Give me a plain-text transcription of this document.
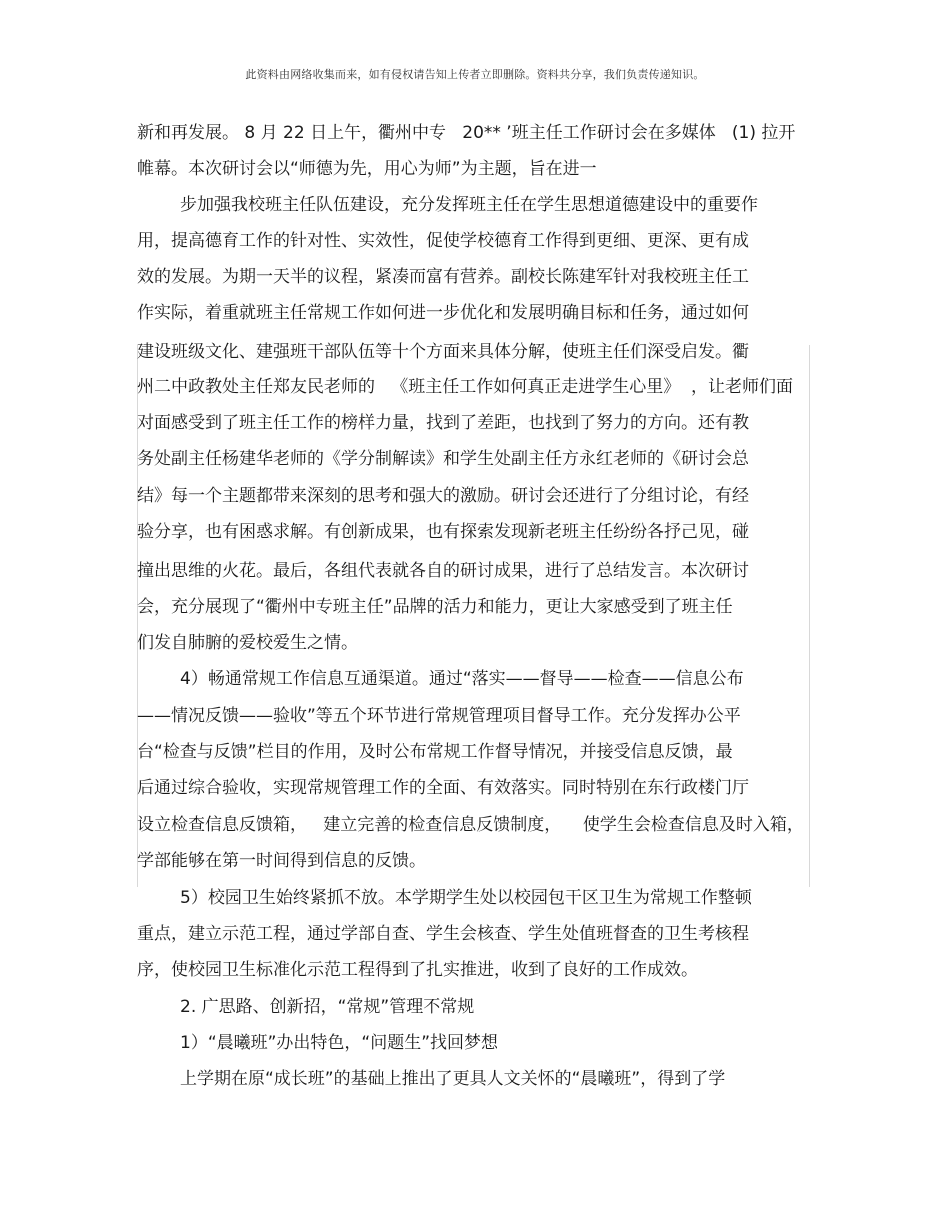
此资料由网络收集而来，如有侵权请告知上传者立即删除。资料共分享，我们负责传递知识。
新和再发展。 8 月 22 日上午，衢州中专   20** ’班主任工作研讨会在多媒体   (1) 拉开
帷幕。本次研讨会以“师德为先，用心为师”为主题，旨在进一
步加强我校班主任队伍建设，充分发挥班主任在学生思想道德建设中的重要作
用，提高德育工作的针对性、实效性，促使学校德育工作得到更细、更深、更有成
效的发展。为期一天半的议程，紧凑而富有营养。副校长陈建军针对我校班主任工
作实际，着重就班主任常规工作如何进一步优化和发展明确目标和任务，通过如何
建设班级文化、建强班干部队伍等十个方面来具体分解，使班主任们深受启发。衢
州二中政教处主任郑友民老师的   《班主任工作如何真正走进学生心里》  ，让老师们面
对面感受到了班主任工作的榜样力量，找到了差距，也找到了努力的方向。还有教
务处副主任杨建华老师的《学分制解读》和学生处副主任方永红老师的《研讨会总
结》每一个主题都带来深刻的思考和强大的激励。研讨会还进行了分组讨论，有经
验分享，也有困惑求解。有创新成果，也有探索发现新老班主任纷纷各抒己见，碰
撞出思维的火花。最后，各组代表就各自的研讨成果，进行了总结发言。本次研讨
会，充分展现了“衢州中专班主任”品牌的活力和能力，更让大家感受到了班主任
们发自肺腑的爱校爱生之情。
4）畅通常规工作信息互通渠道。通过“落实——督导——检查——信息公布
——情况反馈——验收”等五个环节进行常规管理项目督导工作。充分发挥办公平
台“检查与反馈”栏目的作用，及时公布常规工作督导情况，并接受信息反馈，最
后通过综合验收，实现常规管理工作的全面、有效落实。同时特别在东行政楼门厅
设立检查信息反馈箱，   建立完善的检查信息反馈制度，    使学生会检查信息及时入箱，
学部能够在第一时间得到信息的反馈。
5）校园卫生始终紧抓不放。本学期学生处以校园包干区卫生为常规工作整顿
重点，建立示范工程，通过学部自查、学生会核查、学生处值班督查的卫生考核程
序，使校园卫生标准化示范工程得到了扎实推进，收到了良好的工作成效。
2. 广思路、创新招，“常规”管理不常规
1）“晨曦班”办出特色，“问题生”找回梦想
上学期在原“成长班”的基础上推出了更具人文关怀的“晨曦班”，得到了学
